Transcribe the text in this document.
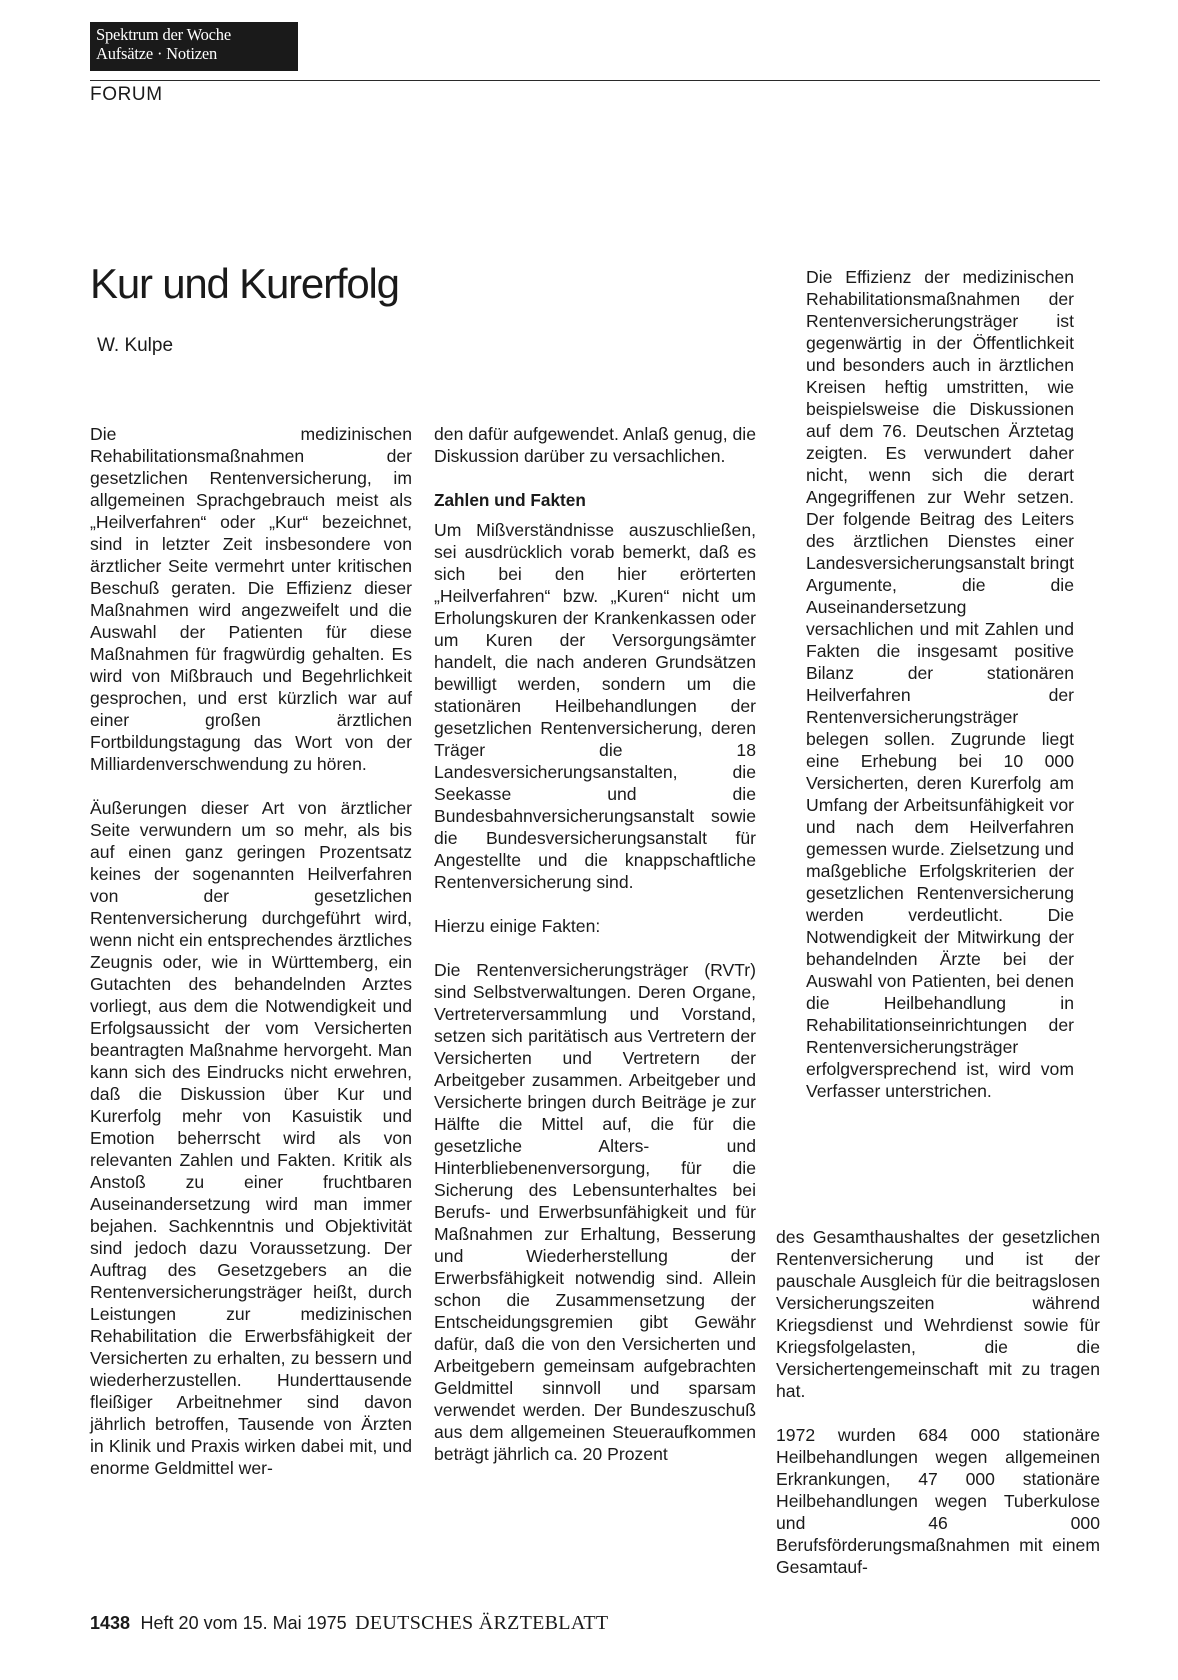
Spektrum der Woche
Aufsätze · Notizen
FORUM
Kur und Kurerfolg
W. Kulpe

Die medizinischen Rehabilitationsmaßnahmen der gesetzlichen Rentenversicherung, im allgemeinen Sprachgebrauch meist als „Heilverfahren“ oder „Kur“ bezeichnet, sind in letzter Zeit insbesondere von ärztlicher Seite vermehrt unter kritischen Beschuß geraten. Die Effizienz dieser Maßnahmen wird angezweifelt und die Auswahl der Patienten für diese Maßnahmen für fragwürdig gehalten. Es wird von Mißbrauch und Begehrlichkeit gesprochen, und erst kürzlich war auf einer großen ärztlichen Fortbildungstagung das Wort von der Milliardenverschwendung zu hören.

Äußerungen dieser Art von ärztlicher Seite verwundern um so mehr, als bis auf einen ganz geringen Prozentsatz keines der sogenannten Heilverfahren von der gesetzlichen Rentenversicherung durchgeführt wird, wenn nicht ein entsprechendes ärztliches Zeugnis oder, wie in Württemberg, ein Gutachten des behandelnden Arztes vorliegt, aus dem die Notwendigkeit und Erfolgsaussicht der vom Versicherten beantragten Maßnahme hervorgeht. Man kann sich des Eindrucks nicht erwehren, daß die Diskussion über Kur und Kurerfolg mehr von Kasuistik und Emotion beherrscht wird als von relevanten Zahlen und Fakten. Kritik als Anstoß zu einer fruchtbaren Auseinandersetzung wird man immer bejahen. Sachkenntnis und Objektivität sind jedoch dazu Voraussetzung. Der Auftrag des Gesetzgebers an die Rentenversicherungsträger heißt, durch Leistungen zur medizinischen Rehabilitation die Erwerbsfähigkeit der Versicherten zu erhalten, zu bessern und wiederherzustellen. Hunderttausende fleißiger Arbeitnehmer sind davon jährlich betroffen, Tausende von Ärzten in Klinik und Praxis wirken dabei mit, und enorme Geldmittel wer-

den dafür aufgewendet. Anlaß genug, die Diskussion darüber zu versachlichen.

Zahlen und Fakten

Um Mißverständnisse auszuschließen, sei ausdrücklich vorab bemerkt, daß es sich bei den hier erörterten „Heilverfahren“ bzw. „Kuren“ nicht um Erholungskuren der Krankenkassen oder um Kuren der Versorgungsämter handelt, die nach anderen Grundsätzen bewilligt werden, sondern um die stationären Heilbehandlungen der gesetzlichen Rentenversicherung, deren Träger die 18 Landesversicherungsanstalten, die Seekasse und die Bundesbahnversicherungsanstalt sowie die Bundesversicherungsanstalt für Angestellte und die knappschaftliche Rentenversicherung sind.

Hierzu einige Fakten:

Die Rentenversicherungsträger (RVTr) sind Selbstverwaltungen. Deren Organe, Vertreterversammlung und Vorstand, setzen sich paritätisch aus Vertretern der Versicherten und Vertretern der Arbeitgeber zusammen. Arbeitgeber und Versicherte bringen durch Beiträge je zur Hälfte die Mittel auf, die für die gesetzliche Alters- und Hinterbliebenenversorgung, für die Sicherung des Lebensunterhaltes bei Berufs- und Erwerbsunfähigkeit und für Maßnahmen zur Erhaltung, Besserung und Wiederherstellung der Erwerbsfähigkeit notwendig sind. Allein schon die Zusammensetzung der Entscheidungsgremien gibt Gewähr dafür, daß die von den Versicherten und Arbeitgebern gemeinsam aufgebrachten Geldmittel sinnvoll und sparsam verwendet werden. Der Bundeszuschuß aus dem allgemeinen Steueraufkommen beträgt jährlich ca. 20 Prozent

Die Effizienz der medizinischen Rehabilitationsmaßnahmen der Rentenversicherungsträger ist gegenwärtig in der Öffentlichkeit und besonders auch in ärztlichen Kreisen heftig umstritten, wie beispielsweise die Diskussionen auf dem 76. Deutschen Ärztetag zeigten. Es verwundert daher nicht, wenn sich die derart Angegriffenen zur Wehr setzen. Der folgende Beitrag des Leiters des ärztlichen Dienstes einer Landesversicherungsanstalt bringt Argumente, die die Auseinandersetzung versachlichen und mit Zahlen und Fakten die insgesamt positive Bilanz der stationären Heilverfahren der Rentenversicherungsträger belegen sollen. Zugrunde liegt eine Erhebung bei 10 000 Versicherten, deren Kurerfolg am Umfang der Arbeitsunfähigkeit vor und nach dem Heilverfahren gemessen wurde. Zielsetzung und maßgebliche Erfolgskriterien der gesetzlichen Rentenversicherung werden verdeutlicht. Die Notwendigkeit der Mitwirkung der behandelnden Ärzte bei der Auswahl von Patienten, bei denen die Heilbehandlung in Rehabilitationseinrichtungen der Rentenversicherungsträger erfolgversprechend ist, wird vom Verfasser unterstrichen.

des Gesamthaushaltes der gesetzlichen Rentenversicherung und ist der pauschale Ausgleich für die beitragslosen Versicherungszeiten während Kriegsdienst und Wehrdienst sowie für Kriegsfolgelasten, die die Versichertengemeinschaft mit zu tragen hat.

1972 wurden 684 000 stationäre Heilbehandlungen wegen allgemeinen Erkrankungen, 47 000 stationäre Heilbehandlungen wegen Tuberkulose und 46 000 Berufsförderungsmaßnahmen mit einem Gesamtauf-

1438 Heft 20 vom 15. Mai 1975 DEUTSCHES ÄRZTEBLATT
